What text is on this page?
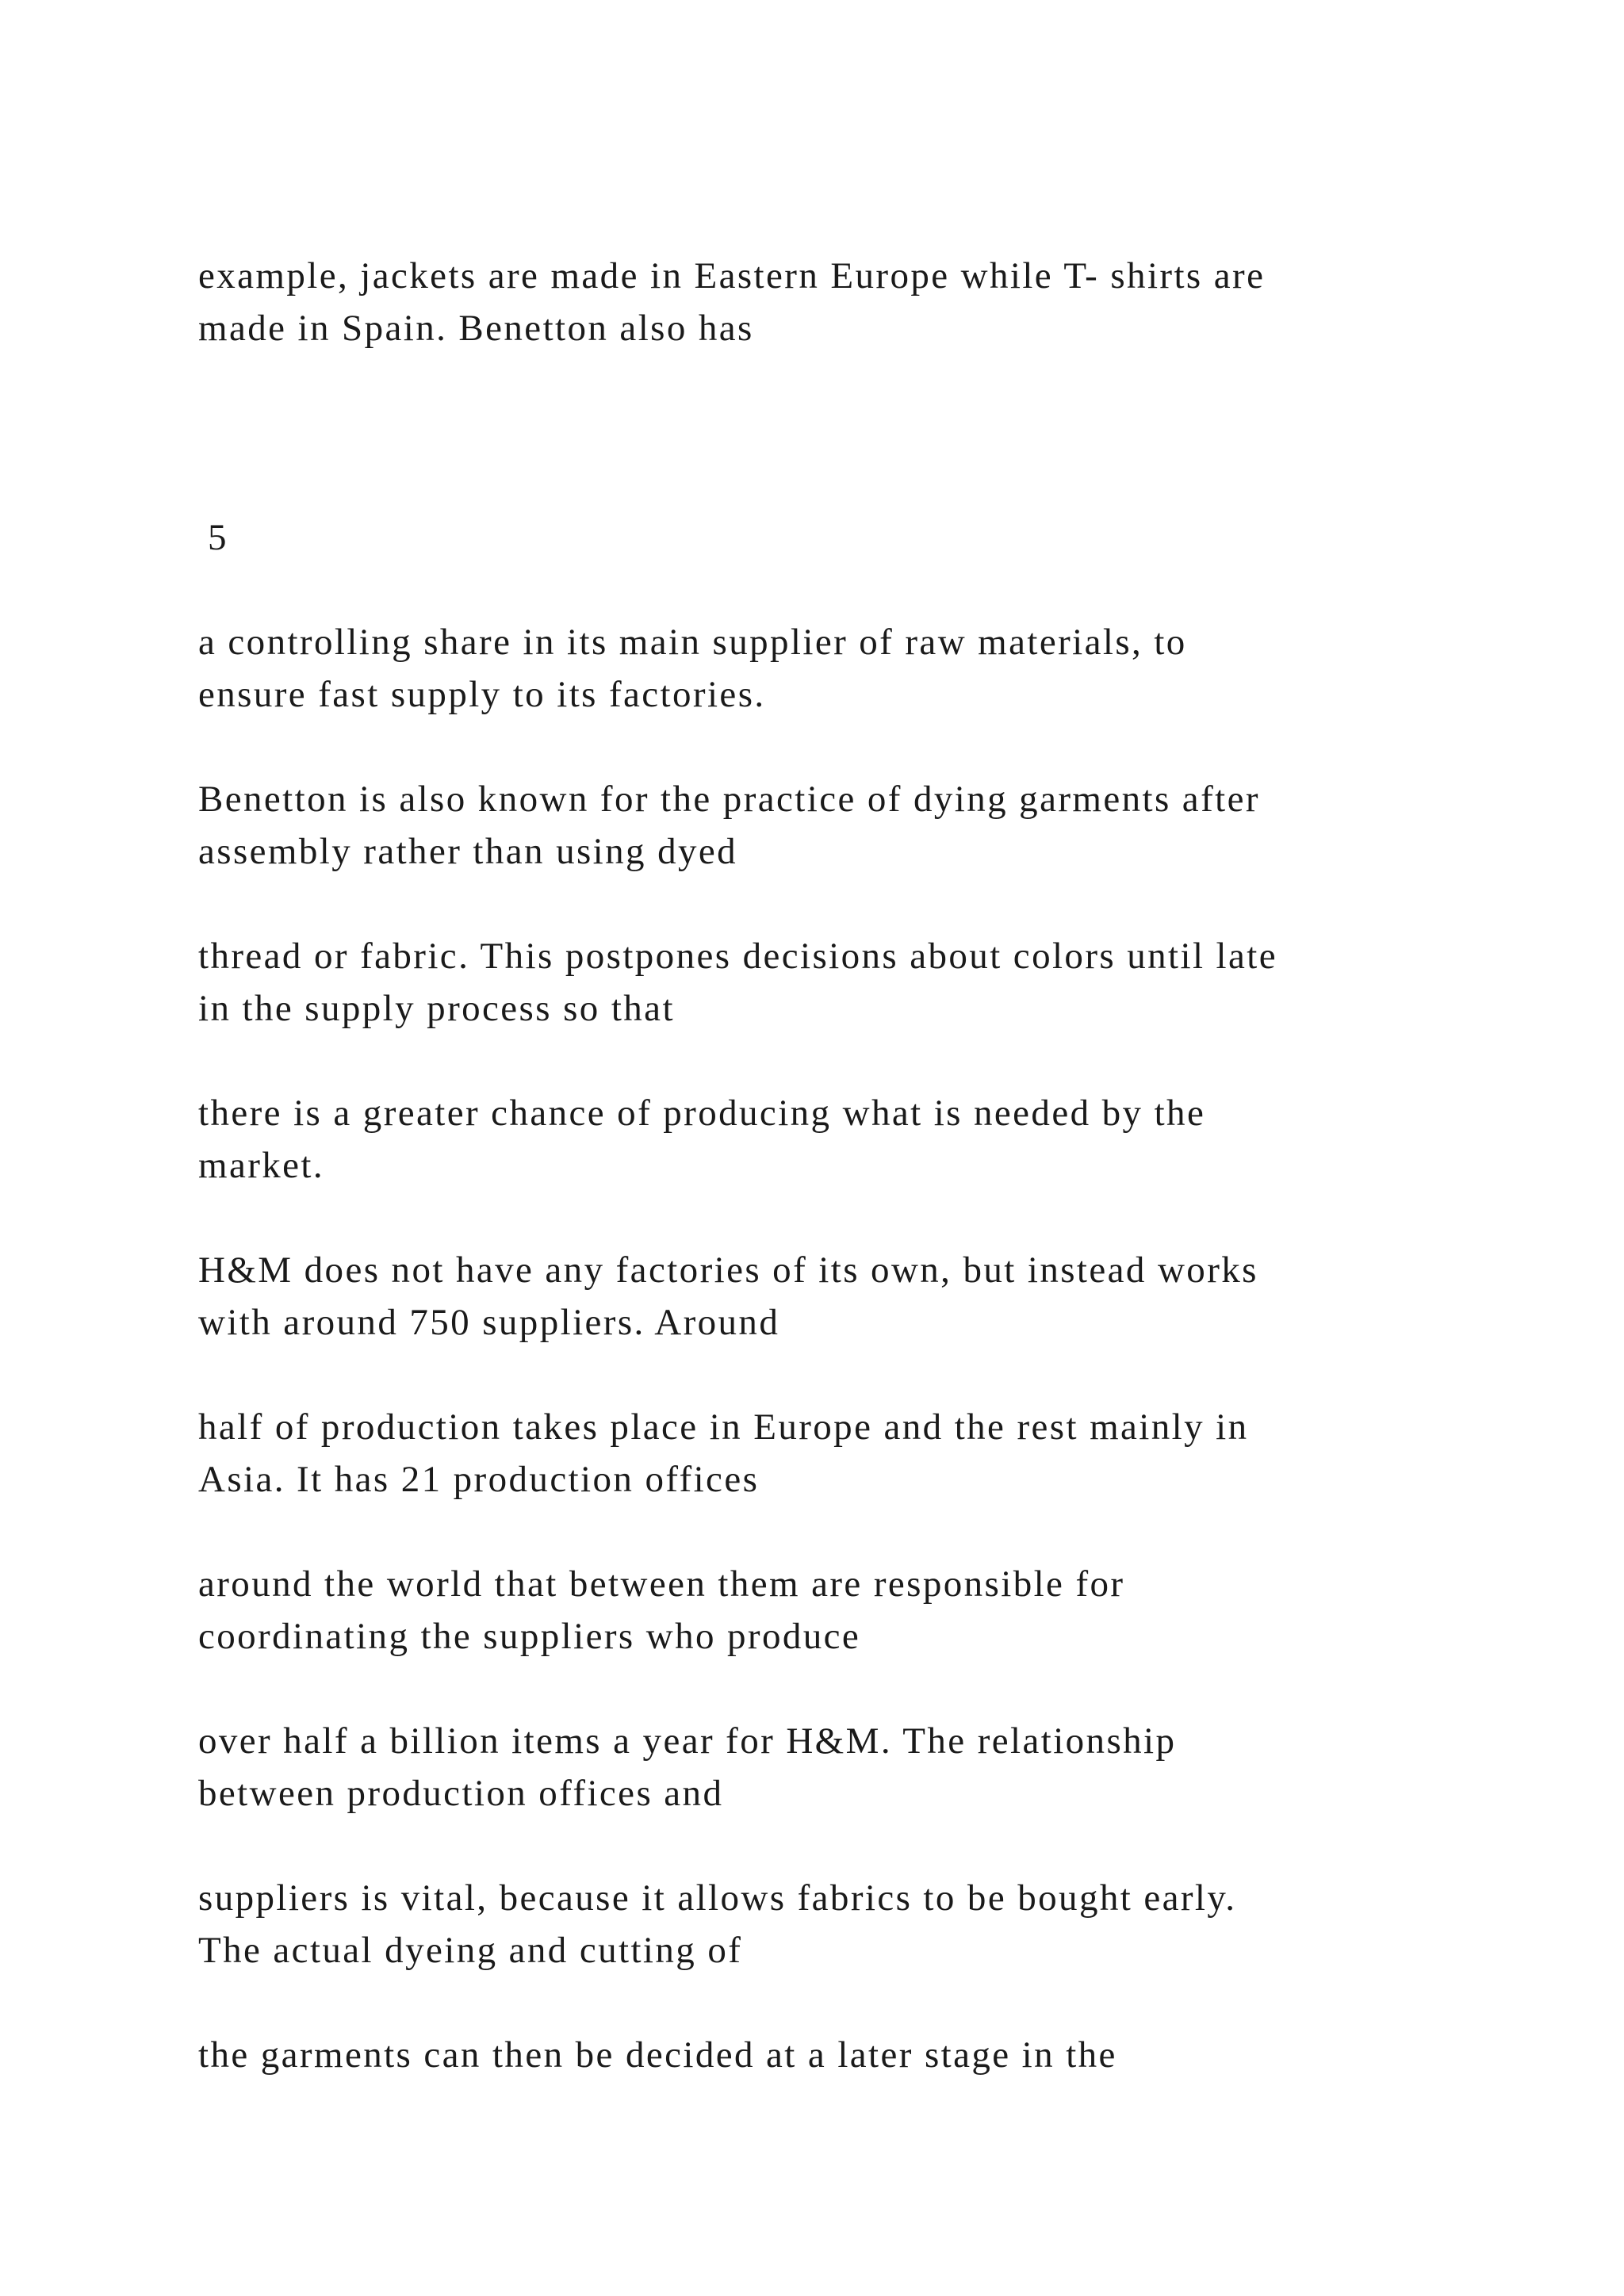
example, jackets are made in Eastern Europe while T- shirts are

made in Spain. Benetton also has

5

a controlling share in its main supplier of raw materials, to

ensure fast supply to its factories.

Benetton is also known for the practice of dying garments after

assembly rather than using dyed

thread or fabric. This postpones decisions about colors until late

in the supply process so that

there is a greater chance of producing what is needed by the

market.

H&M does not have any factories of its own, but instead works

with around 750 suppliers. Around

half of production takes place in Europe and the rest mainly in

Asia. It has 21 production offices

around the world that between them are responsible for

coordinating the suppliers who produce

over half a billion items a year for H&M. The relationship

between production offices and

suppliers is vital, because it allows fabrics to be bought early.

The actual dyeing and cutting of

the garments can then be decided at a later stage in the
